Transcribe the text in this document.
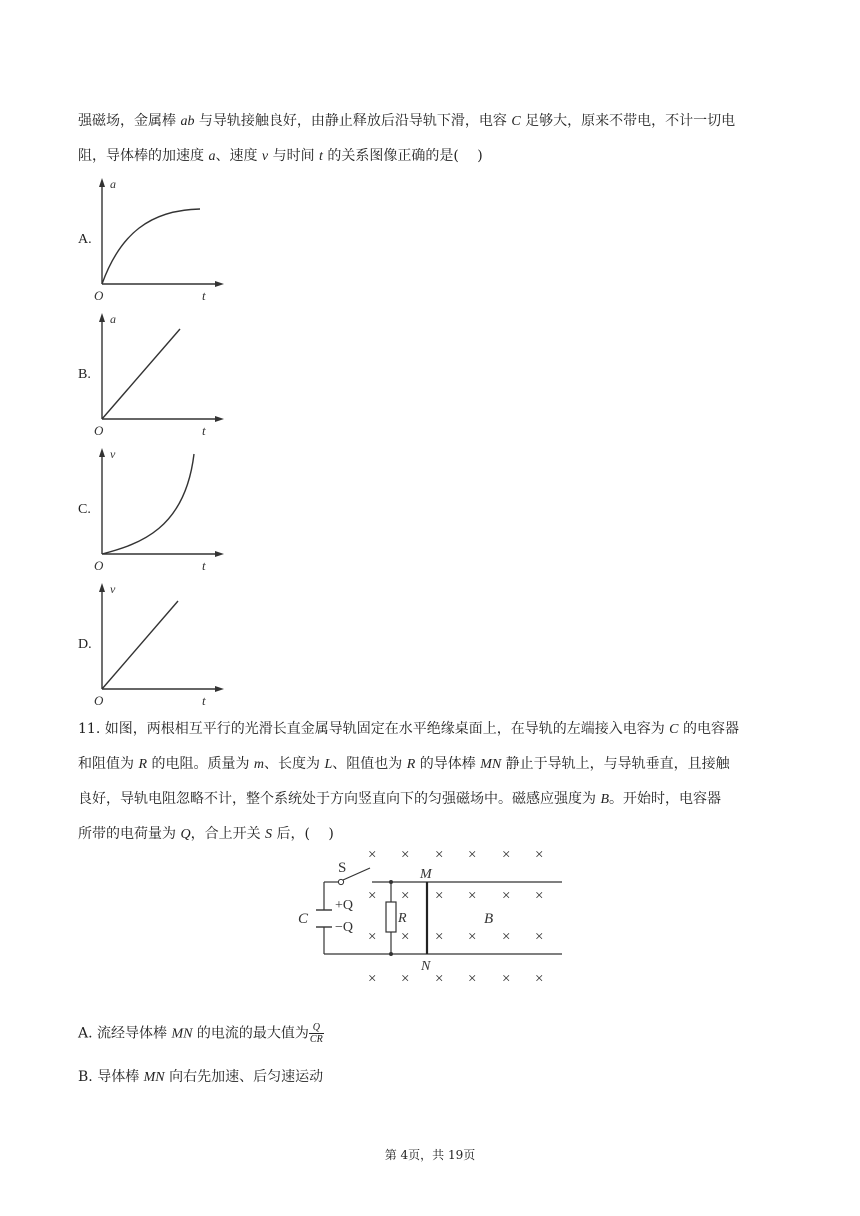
强磁场，金属棒 ab 与导轨接触良好，由静止释放后沿导轨下滑，电容 C 足够大，原来不带电，不计一切电
阻，导体棒的加速度 a、速度 v 与时间 t 的关系图像正确的是(　 )

A.
a
t
O
B.
a
t
O
C.
v
t
O
D.
v
t
O

11. 如图，两根相互平行的光滑长直金属导轨固定在水平绝缘桌面上，在导轨的左端接入电容为 C 的电容器
和阻值为 R 的电阻。质量为 m、长度为 L、阻值也为 R 的导体棒 MN 静止于导轨上，与导轨垂直，且接触
良好，导轨电阻忽略不计，整个系统处于方向竖直向下的匀强磁场中。磁感应强度为 B。开始时，电容器
所带的电荷量为 Q，合上开关 S 后，(　 )

× × × × × ×
× × × × × ×
×
×
×
×
×
×
×
×
×
×
×
×
S	M
N
C
+Q
−Q
R	B
A. 流经导体棒 MN 的电流的最大值为 $\frac{Q}{CR}$
B. 导体棒 MN 向右先加速、后匀速运动
第 4页，共 19页
